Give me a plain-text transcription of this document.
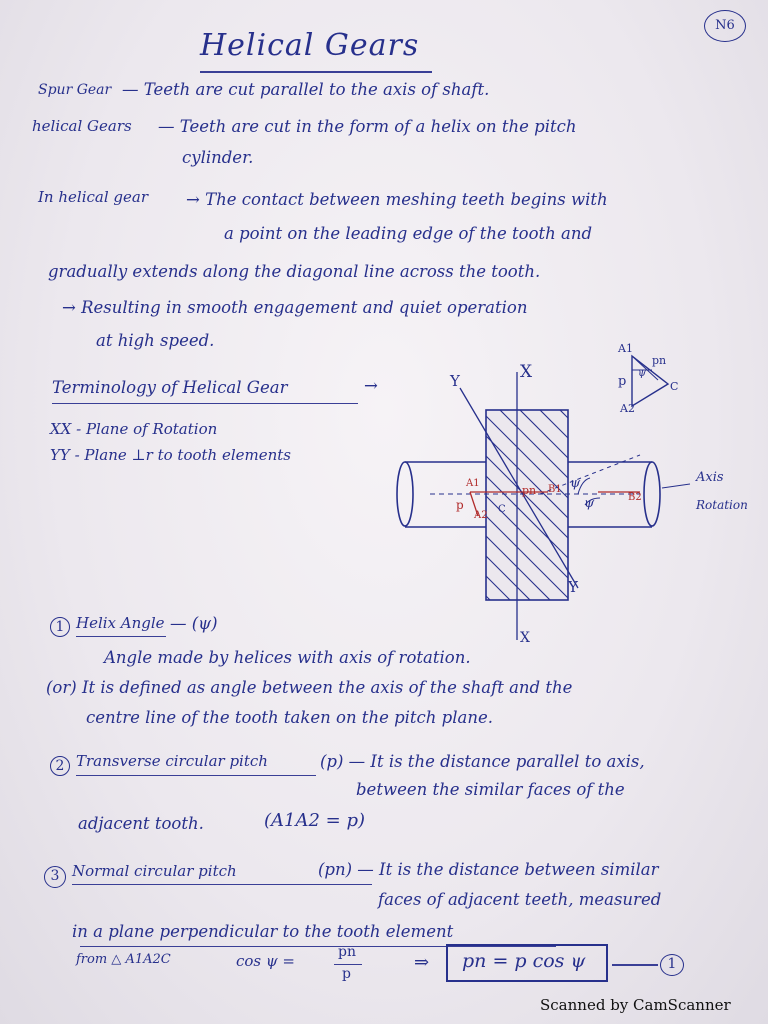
N6
Helical Gears
Spur Gear — Teeth are cut parallel to the axis of shaft.
helical Gears — Teeth are cut in the form of a helix on the pitch
cylinder.
In helical gear → The contact between meshing teeth begins with
a point on the leading edge of the tooth and
gradually extends along the diagonal line across the tooth.
→ Resulting in smooth engagement and quiet operation
at high speed.
Terminology of Helical Gear	→
XX - Plane of Rotation
YY - Plane ⊥r to tooth elements
Y	X
Y
X
Axis
Rotation
ψ
ψ
A1
p
A2
pn
C
B1
B2
A1
A2
p
pn
C
ψ
1 Helix Angle — (ψ)
Angle made by helices with axis of rotation.
(or) It is defined as angle between the axis of the shaft and the
centre line of the tooth taken on the pitch plane.
2 Transverse circular pitch	(p) — It is the distance parallel to axis,
between the similar faces of the
adjacent tooth.	(A1A2 = p)
3 Normal circular pitch	(pn) — It is the distance between similar
faces of adjacent teeth, measured
in a plane perpendicular to the tooth element
from △ A1A2C	cos ψ =	pn
p
⇒ pn = p cos ψ	1
Scanned by CamScanner
